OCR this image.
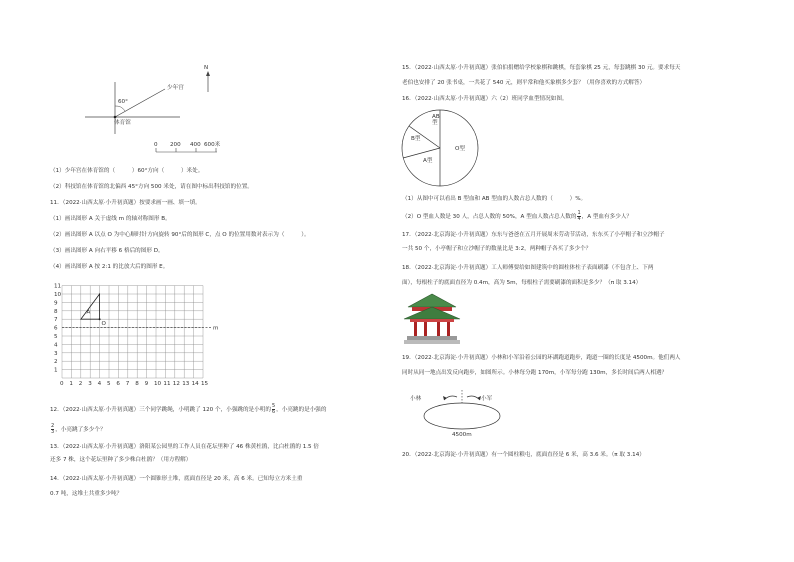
N
少年宫
60°
体育馆
0 200 400 600米
（1）少年宫在体育馆的（　　　）60°方向（　　　）米处。
（2）科技馆在体育馆的北偏西 45°方向 500 米处，请在图中标出科技馆的位置。
11．（2022·山西太原·小升初真题）按要求画一画、填一填。
（1）画出图形 A 关于虚线 m 的轴对称图形 B。
（2）画出图形 A 以点 O 为中心顺时针方向旋转 90°后的图形 C，点 O 的位置用数对表示为（　　　）。
（3）画出图形 A 向右平移 6 格后的图形 D。
（4）画出图形 A 按 2:1 的比放大后的图形 E。
A
O
m
0 1 2 3 4 5 6 7 8 9 10 11 12 13 14 15
1
2
3
4
5
6
7
8
9
10
11
12．（2022·山西太原·小升初真题）三个同学跳绳，小明跳了 120 个，小强跳的是小明的 $\frac{5}{6}$ ，小亮跳的是小强的
$\frac{2}{3}$ ，小亮跳了多少个？
13．（2022·山西太原·小升初真题）洛阳某公园里的工作人员在花坛里种了 46 株黄杜鹃，比白杜鹃的 1.5 倍
还多 7 株，这个花坛里种了多少株白杜鹃？（用方程解）
14．（2022·山西太原·小升初真题）一个圆锥形土堆，底面直径是 20 米，高 6 米。已知每立方米土重
0.7 吨，这堆土共重多少吨？
15．（2022·山西太原·小升初真题）张伯伯捐赠给学校象棋和跳棋，每套象棋 25 元，每套跳棋 30 元。要求每天
老伯也安排了 20 张书桌，一共花了 540 元，则平常和他买象棋多少套？（用你喜欢的方式解答）
16．（2022·山西太原·小升初真题）六（2）班同学血型情况如图。
AB型
B型
A型
O型
（1）从图中可以看出 B 型血和 AB 型血的人数占总人数的（　　　）%。
（2）O 型血人数是 30 人，占总人数的 50%，A 型血人数占总人数的 $\frac{1}{4}$ ，A 型血有多少人？
17．（2022·北京海淀·小升初真题）东东与爸爸在五月开展周末劳动节活动，东东买了小亭帽子和立沙帽子
一共 50 个，小亭帽子和立沙帽子的数量比是 3:2，两种帽子各买了多少个？
18．（2022·北京海淀·小升初真题）工人师傅要给如图建筑中的圆柱体柱子表面刷漆（不包含上、下两
面），每根柱子的底面直径为 0.4m，高为 5m，每根柱子需要刷漆的面积是多少？（π 取 3.14）
19．（2022·北京海淀·小升初真题）小林和小军沿着公园的环湖跑道跑步，跑道一圈的长度是 4500m。他们两人
同时从同一地点出发反向跑步，如图所示。小林每分跑 170m，小军每分跑 130m，多长时间后两人相遇？
小林	小军
4500m
20．（2022·北京海淀·小升初真题）有一个圆柱粮屯，底面直径是 6 米，高 3.6 米。（π 取 3.14）
